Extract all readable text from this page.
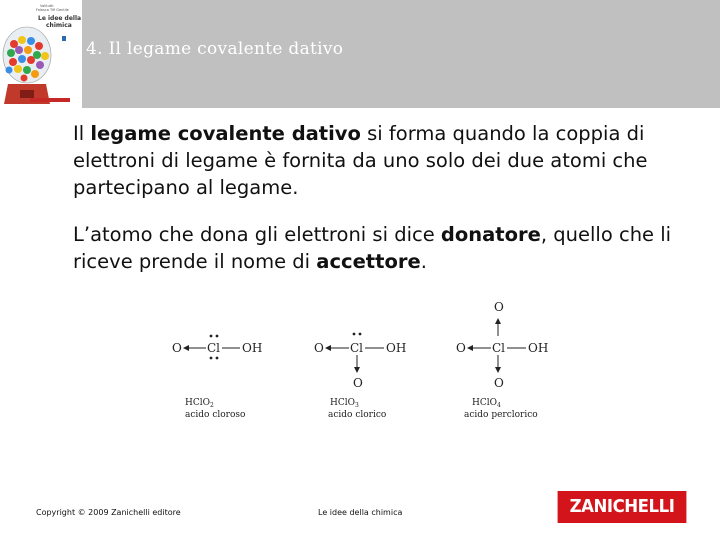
Valitutti
Falasca Tifi Gentile
Le idee della
chimica
4. Il legame covalente dativo
Il legame covalente dativo si forma quando la coppia di elettroni di legame è fornita da uno solo dei due atomi che partecipano al legame.
L’atomo che dona gli elettroni si dice donatore, quello che li riceve prende il nome di accettore.
O Cl OH
HClO$_2$
acido cloroso
O Cl OH
O
HClO$_3$
acido clorico
O
O Cl OH
O
HClO$_4$
acido perclorico
Copyright © 2009 Zanichelli editore	Le idee della chimica	ZANICHELLI
